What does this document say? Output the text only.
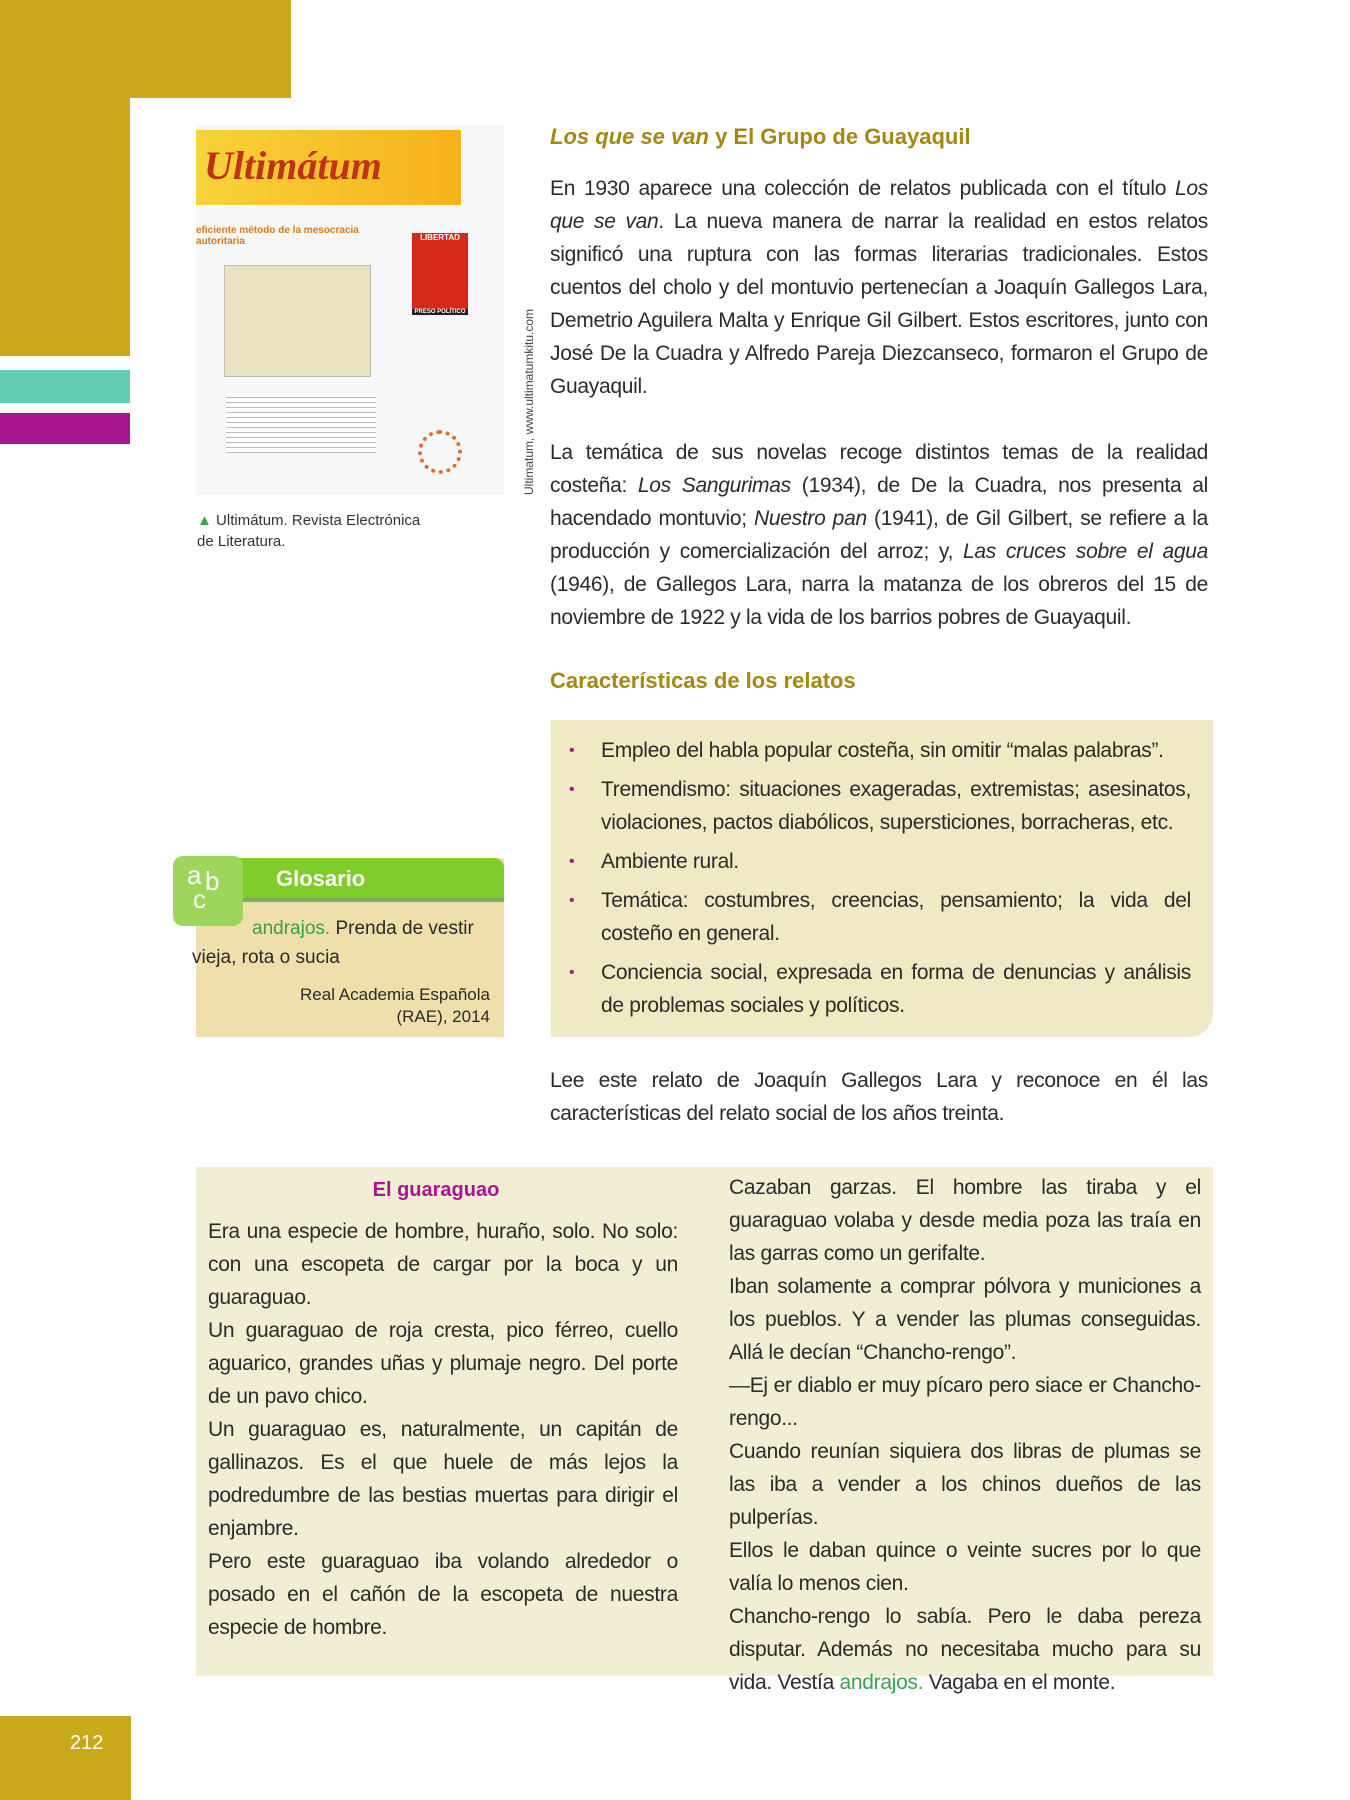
212
Ultimátum
eficiente método de la mesocracia autoritaria	LIBERTAD
PRESO POLÍTICO	Ultimatum, www.ultimatumkitu.com
▲ Ultimátum. Revista Electrónica de Literatura.
Los que se van y El Grupo de Guayaquil

En 1930 aparece una colección de relatos publicada con el título Los que se van. La nueva manera de narrar la realidad en estos relatos significó una ruptura con las formas literarias tradicionales. Estos cuentos del cholo y del montuvio pertenecían a Joaquín Gallegos Lara, Demetrio Aguilera Malta y Enrique Gil Gilbert. Estos escritores, junto con José De la Cuadra y Alfredo Pareja Diezcanseco, formaron el Grupo de Guayaquil.

La temática de sus novelas recoge distintos temas de la realidad costeña: Los Sangurimas (1934), de De la Cuadra, nos presenta al hacendado montuvio; Nuestro pan (1941), de Gil Gilbert, se refiere a la producción y comercialización del arroz; y, Las cruces sobre el agua (1946), de Gallegos Lara, narra la matanza de los obreros del 15 de noviembre de 1922 y la vida de los barrios pobres de Guayaquil.

Características de los relatos
• Empleo del habla popular costeña, sin omitir “malas palabras”.
• Tremendismo: situaciones exageradas, extremistas; asesinatos, violaciones, pactos diabólicos, supersticiones, borracheras, etc.
• Ambiente rural.
• Temática: costumbres, creencias, pensamiento; la vida del costeño en general.
• Conciencia social, expresada en forma de denuncias y análisis de problemas sociales y políticos.
Glosario
a b
c
andrajos. Prenda de vestir vieja, rota o sucia
Real Academia Española (RAE), 2014

Lee este relato de Joaquín Gallegos Lara y reconoce en él las características del relato social de los años treinta.

El guaraguao
Era una especie de hombre, huraño, solo. No solo: con una escopeta de cargar por la boca y un guaraguao.
Un guaraguao de roja cresta, pico férreo, cuello aguarico, grandes uñas y plumaje negro. Del porte de un pavo chico.
Un guaraguao es, naturalmente, un capitán de gallinazos. Es el que huele de más lejos la podredumbre de las bestias muertas para dirigir el enjambre.
Pero este guaraguao iba volando alrededor o posado en el cañón de la escopeta de nuestra especie de hombre.
Cazaban garzas. El hombre las tiraba y el guaraguao volaba y desde media poza las traía en las garras como un gerifalte.
Iban solamente a comprar pólvora y municiones a los pueblos. Y a vender las plumas conseguidas. Allá le decían “Chancho-rengo”.
—Ej er diablo er muy pícaro pero siace er Chancho-rengo...
Cuando reunían siquiera dos libras de plumas se las iba a vender a los chinos dueños de las pulperías.
Ellos le daban quince o veinte sucres por lo que valía lo menos cien.
Chancho-rengo lo sabía. Pero le daba pereza disputar. Además no necesitaba mucho para su vida. Vestía andrajos. Vagaba en el monte.
